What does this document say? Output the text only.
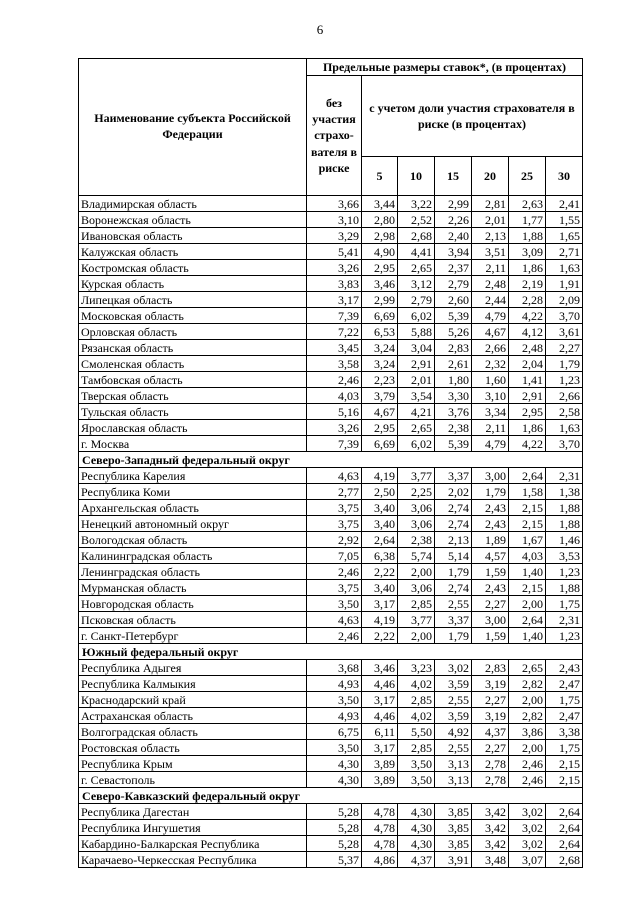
6
Наименование субъекта Российской Федерации	Предельные размеры ставок*, (в процентах)						
	без участия страхо-вателя в риске	с учетом доли участия страхователя в риске (в процентах)					
		5	10	15	20	25	30
Владимирская область	3,66	3,44	3,22	2,99	2,81	2,63	2,41
Воронежская область	3,10	2,80	2,52	2,26	2,01	1,77	1,55
Ивановская область	3,29	2,98	2,68	2,40	2,13	1,88	1,65
Калужская область	5,41	4,90	4,41	3,94	3,51	3,09	2,71
Костромская область	3,26	2,95	2,65	2,37	2,11	1,86	1,63
Курская область	3,83	3,46	3,12	2,79	2,48	2,19	1,91
Липецкая область	3,17	2,99	2,79	2,60	2,44	2,28	2,09
Московская область	7,39	6,69	6,02	5,39	4,79	4,22	3,70
Орловская область	7,22	6,53	5,88	5,26	4,67	4,12	3,61
Рязанская область	3,45	3,24	3,04	2,83	2,66	2,48	2,27
Смоленская область	3,58	3,24	2,91	2,61	2,32	2,04	1,79
Тамбовская область	2,46	2,23	2,01	1,80	1,60	1,41	1,23
Тверская область	4,03	3,79	3,54	3,30	3,10	2,91	2,66
Тульская область	5,16	4,67	4,21	3,76	3,34	2,95	2,58
Ярославская область	3,26	2,95	2,65	2,38	2,11	1,86	1,63
г. Москва	7,39	6,69	6,02	5,39	4,79	4,22	3,70
Северо-Западный федеральный округ							
Республика Карелия	4,63	4,19	3,77	3,37	3,00	2,64	2,31
Республика Коми	2,77	2,50	2,25	2,02	1,79	1,58	1,38
Архангельская область	3,75	3,40	3,06	2,74	2,43	2,15	1,88
Ненецкий автономный округ	3,75	3,40	3,06	2,74	2,43	2,15	1,88
Вологодская область	2,92	2,64	2,38	2,13	1,89	1,67	1,46
Калининградская область	7,05	6,38	5,74	5,14	4,57	4,03	3,53
Ленинградская область	2,46	2,22	2,00	1,79	1,59	1,40	1,23
Мурманская область	3,75	3,40	3,06	2,74	2,43	2,15	1,88
Новгородская область	3,50	3,17	2,85	2,55	2,27	2,00	1,75
Псковская область	4,63	4,19	3,77	3,37	3,00	2,64	2,31
г. Санкт-Петербург	2,46	2,22	2,00	1,79	1,59	1,40	1,23
Южный федеральный округ							
Республика Адыгея	3,68	3,46	3,23	3,02	2,83	2,65	2,43
Республика Калмыкия	4,93	4,46	4,02	3,59	3,19	2,82	2,47
Краснодарский край	3,50	3,17	2,85	2,55	2,27	2,00	1,75
Астраханская область	4,93	4,46	4,02	3,59	3,19	2,82	2,47
Волгоградская область	6,75	6,11	5,50	4,92	4,37	3,86	3,38
Ростовская область	3,50	3,17	2,85	2,55	2,27	2,00	1,75
Республика Крым	4,30	3,89	3,50	3,13	2,78	2,46	2,15
г. Севастополь	4,30	3,89	3,50	3,13	2,78	2,46	2,15
Северо-Кавказский федеральный округ							
Республика Дагестан	5,28	4,78	4,30	3,85	3,42	3,02	2,64
Республика Ингушетия	5,28	4,78	4,30	3,85	3,42	3,02	2,64
Кабардино-Балкарская Республика	5,28	4,78	4,30	3,85	3,42	3,02	2,64
Карачаево-Черкесская Республика	5,37	4,86	4,37	3,91	3,48	3,07	2,68
